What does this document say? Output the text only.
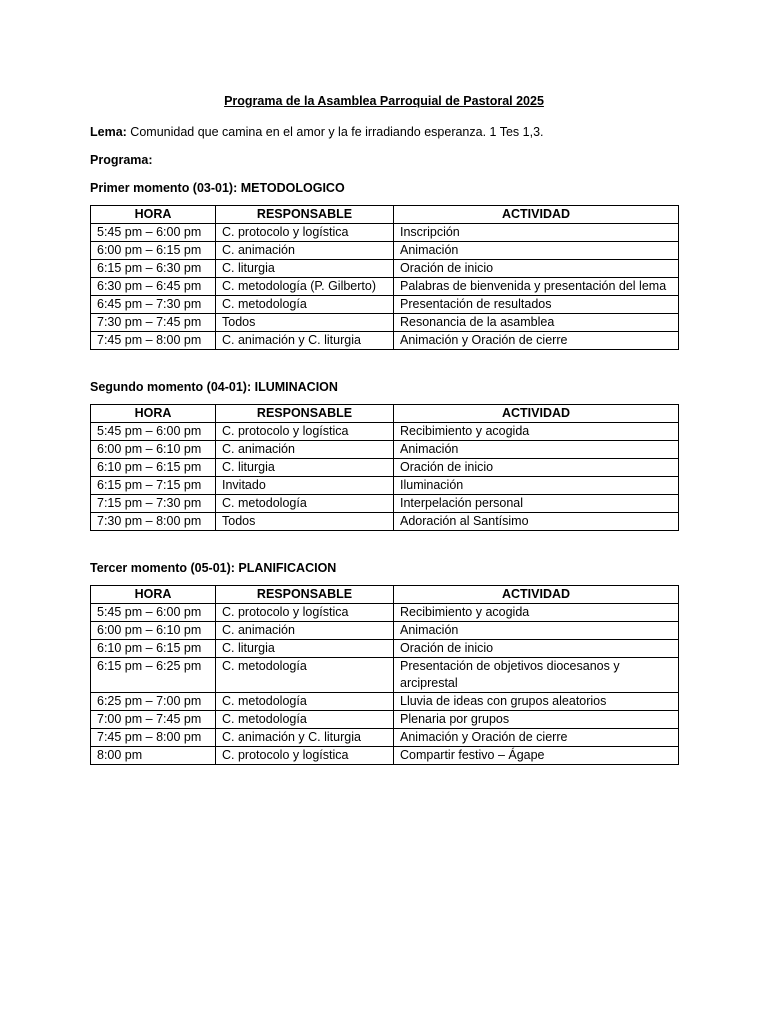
Programa de la Asamblea Parroquial de Pastoral 2025
Lema: Comunidad que camina en el amor y la fe irradiando esperanza. 1 Tes 1,3.
Programa:
Primer momento (03-01): METODOLOGICO
HORA	RESPONSABLE	ACTIVIDAD
5:45 pm – 6:00 pm	C. protocolo y logística	Inscripción
6:00 pm – 6:15 pm	C. animación	Animación
6:15 pm – 6:30 pm	C. liturgia	Oración de inicio
6:30 pm – 6:45 pm	C. metodología (P. Gilberto)	Palabras de bienvenida y presentación del lema
6:45 pm – 7:30 pm	C. metodología	Presentación de resultados
7:30 pm – 7:45 pm	Todos	Resonancia de la asamblea
7:45 pm – 8:00 pm	C. animación y C. liturgia	Animación y Oración de cierre
Segundo momento (04-01): ILUMINACION
HORA	RESPONSABLE	ACTIVIDAD
5:45 pm – 6:00 pm	C. protocolo y logística	Recibimiento y acogida
6:00 pm – 6:10 pm	C. animación	Animación
6:10 pm – 6:15 pm	C. liturgia	Oración de inicio
6:15 pm – 7:15 pm	Invitado	Iluminación
7:15 pm – 7:30 pm	C. metodología	Interpelación personal
7:30 pm – 8:00 pm	Todos	Adoración al Santísimo
Tercer momento (05-01): PLANIFICACION
HORA	RESPONSABLE	ACTIVIDAD
5:45 pm – 6:00 pm	C. protocolo y logística	Recibimiento y acogida
6:00 pm – 6:10 pm	C. animación	Animación
6:10 pm – 6:15 pm	C. liturgia	Oración de inicio
6:15 pm – 6:25 pm	C. metodología	Presentación de objetivos diocesanos y arciprestal
6:25 pm – 7:00 pm	C. metodología	Lluvia de ideas con grupos aleatorios
7:00 pm – 7:45 pm	C. metodología	Plenaria por grupos
7:45 pm – 8:00 pm	C. animación y C. liturgia	Animación y Oración de cierre
8:00 pm	C. protocolo y logística	Compartir festivo – Ágape
